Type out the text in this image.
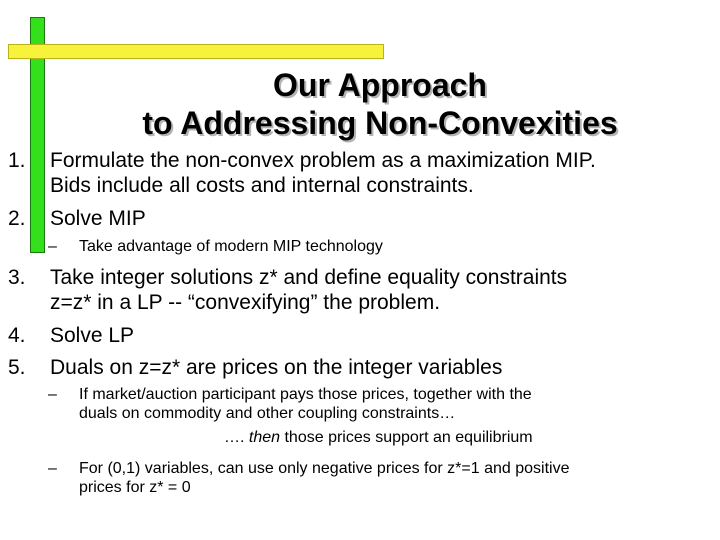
Our Approach
to Addressing Non-Convexities
1. Formulate the non-convex problem as a maximization MIP.
Bids include all costs and internal constraints.
2. Solve MIP
– Take advantage of modern MIP technology
3. Take integer solutions z* and define equality constraints
z=z* in a LP -- “convexifying” the problem.
4. Solve LP
5. Duals on z=z* are prices on the integer variables
– If market/auction participant pays those prices, together with the
duals on commodity and other coupling constraints…
…. then those prices support an equilibrium
– For (0,1) variables, can use only negative prices for z*=1 and positive
prices for z* = 0
